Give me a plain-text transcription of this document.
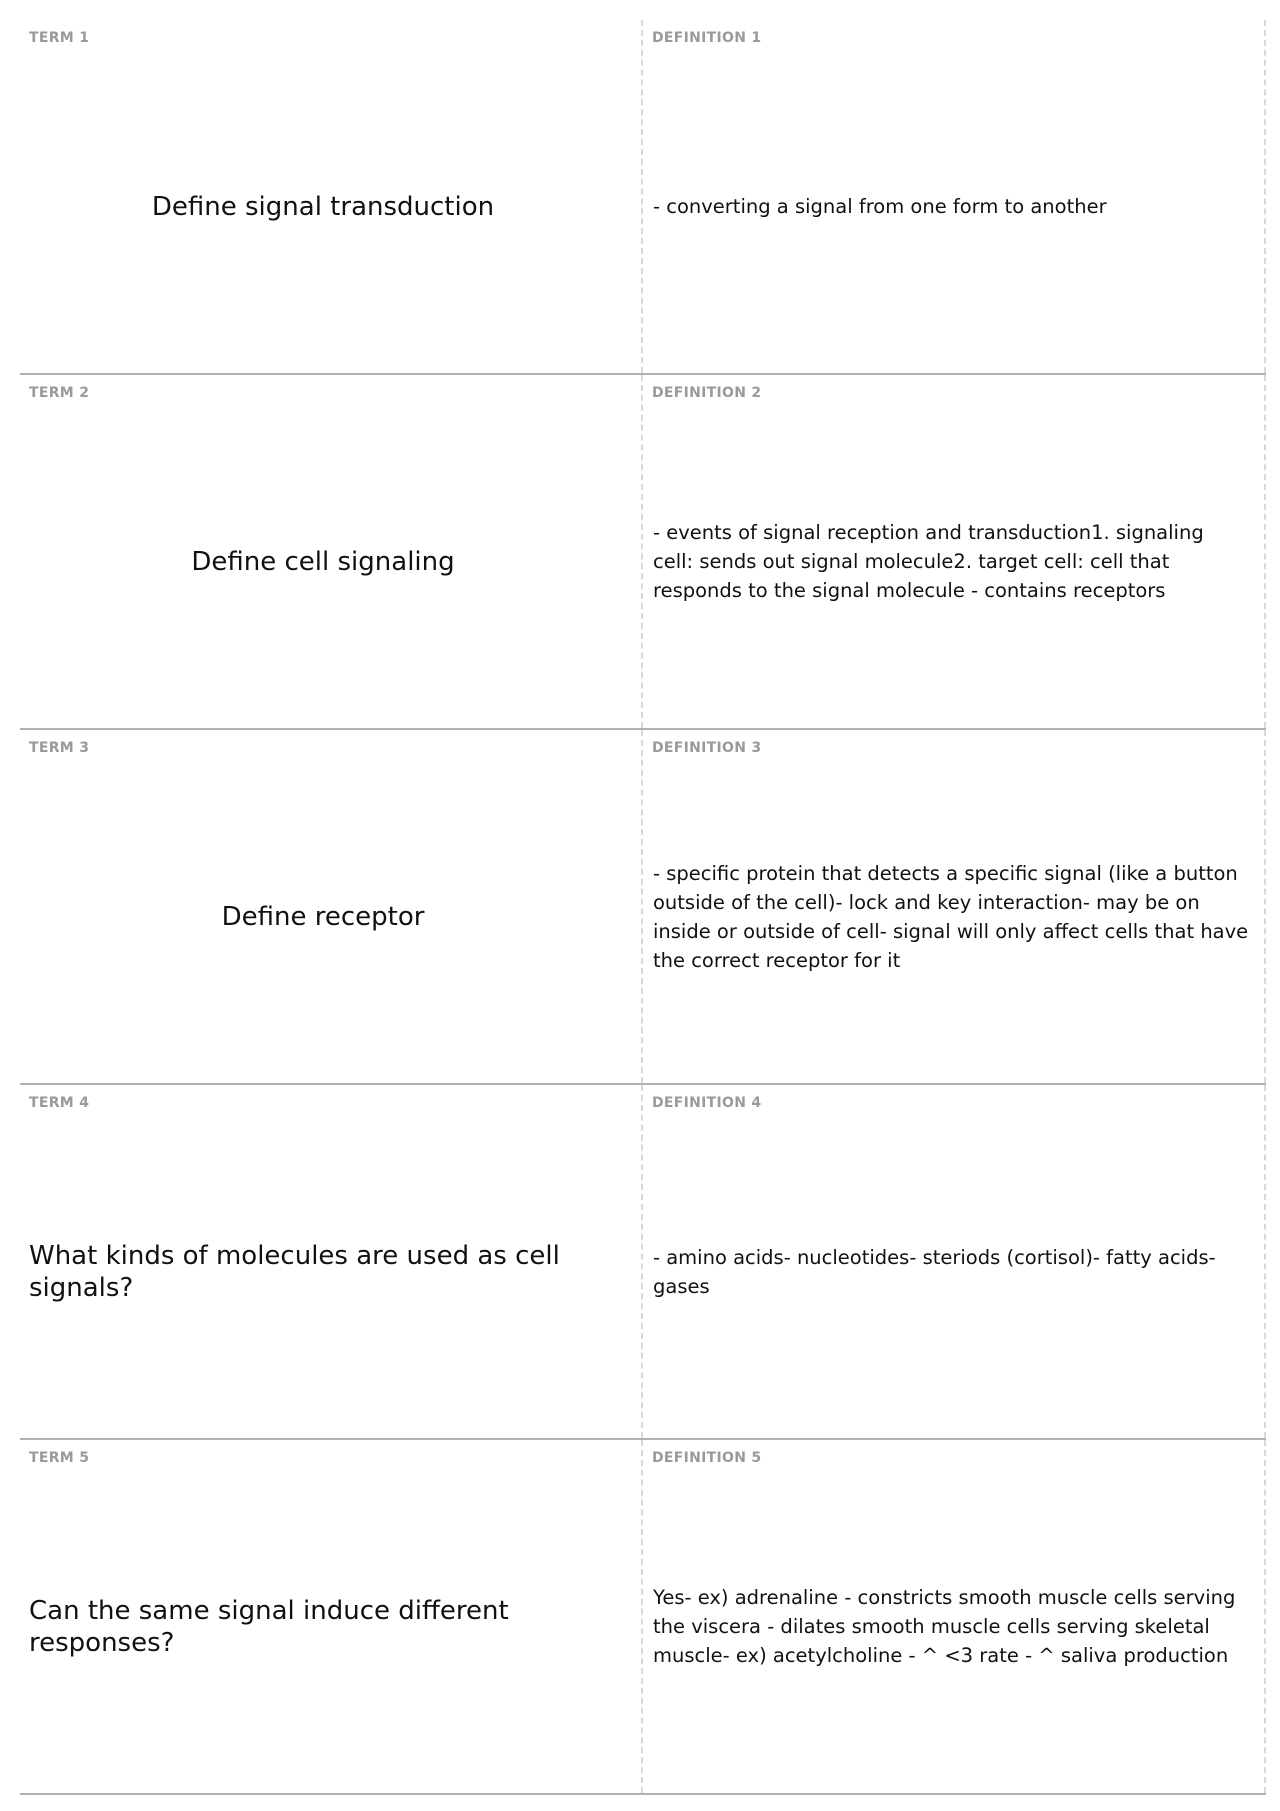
TERM 1
Define signal transduction
DEFINITION 1
- converting a signal from one form to another
TERM 2
Define cell signaling
DEFINITION 2
- events of signal reception and transduction1. signaling cell: sends out signal molecule2. target cell: cell that responds to the signal molecule - contains receptors
TERM 3
Define receptor
DEFINITION 3
- specific protein that detects a specific signal (like a button outside of the cell)- lock and key interaction- may be on inside or outside of cell- signal will only affect cells that have the correct receptor for it
TERM 4
What kinds of molecules are used as cell signals?
DEFINITION 4
- amino acids- nucleotides- steriods (cortisol)- fatty acids- gases
TERM 5
Can the same signal induce different responses?
DEFINITION 5
Yes- ex) adrenaline - constricts smooth muscle cells serving the viscera - dilates smooth muscle cells serving skeletal muscle- ex) acetylcholine - ^ <3 rate - ^ saliva production
